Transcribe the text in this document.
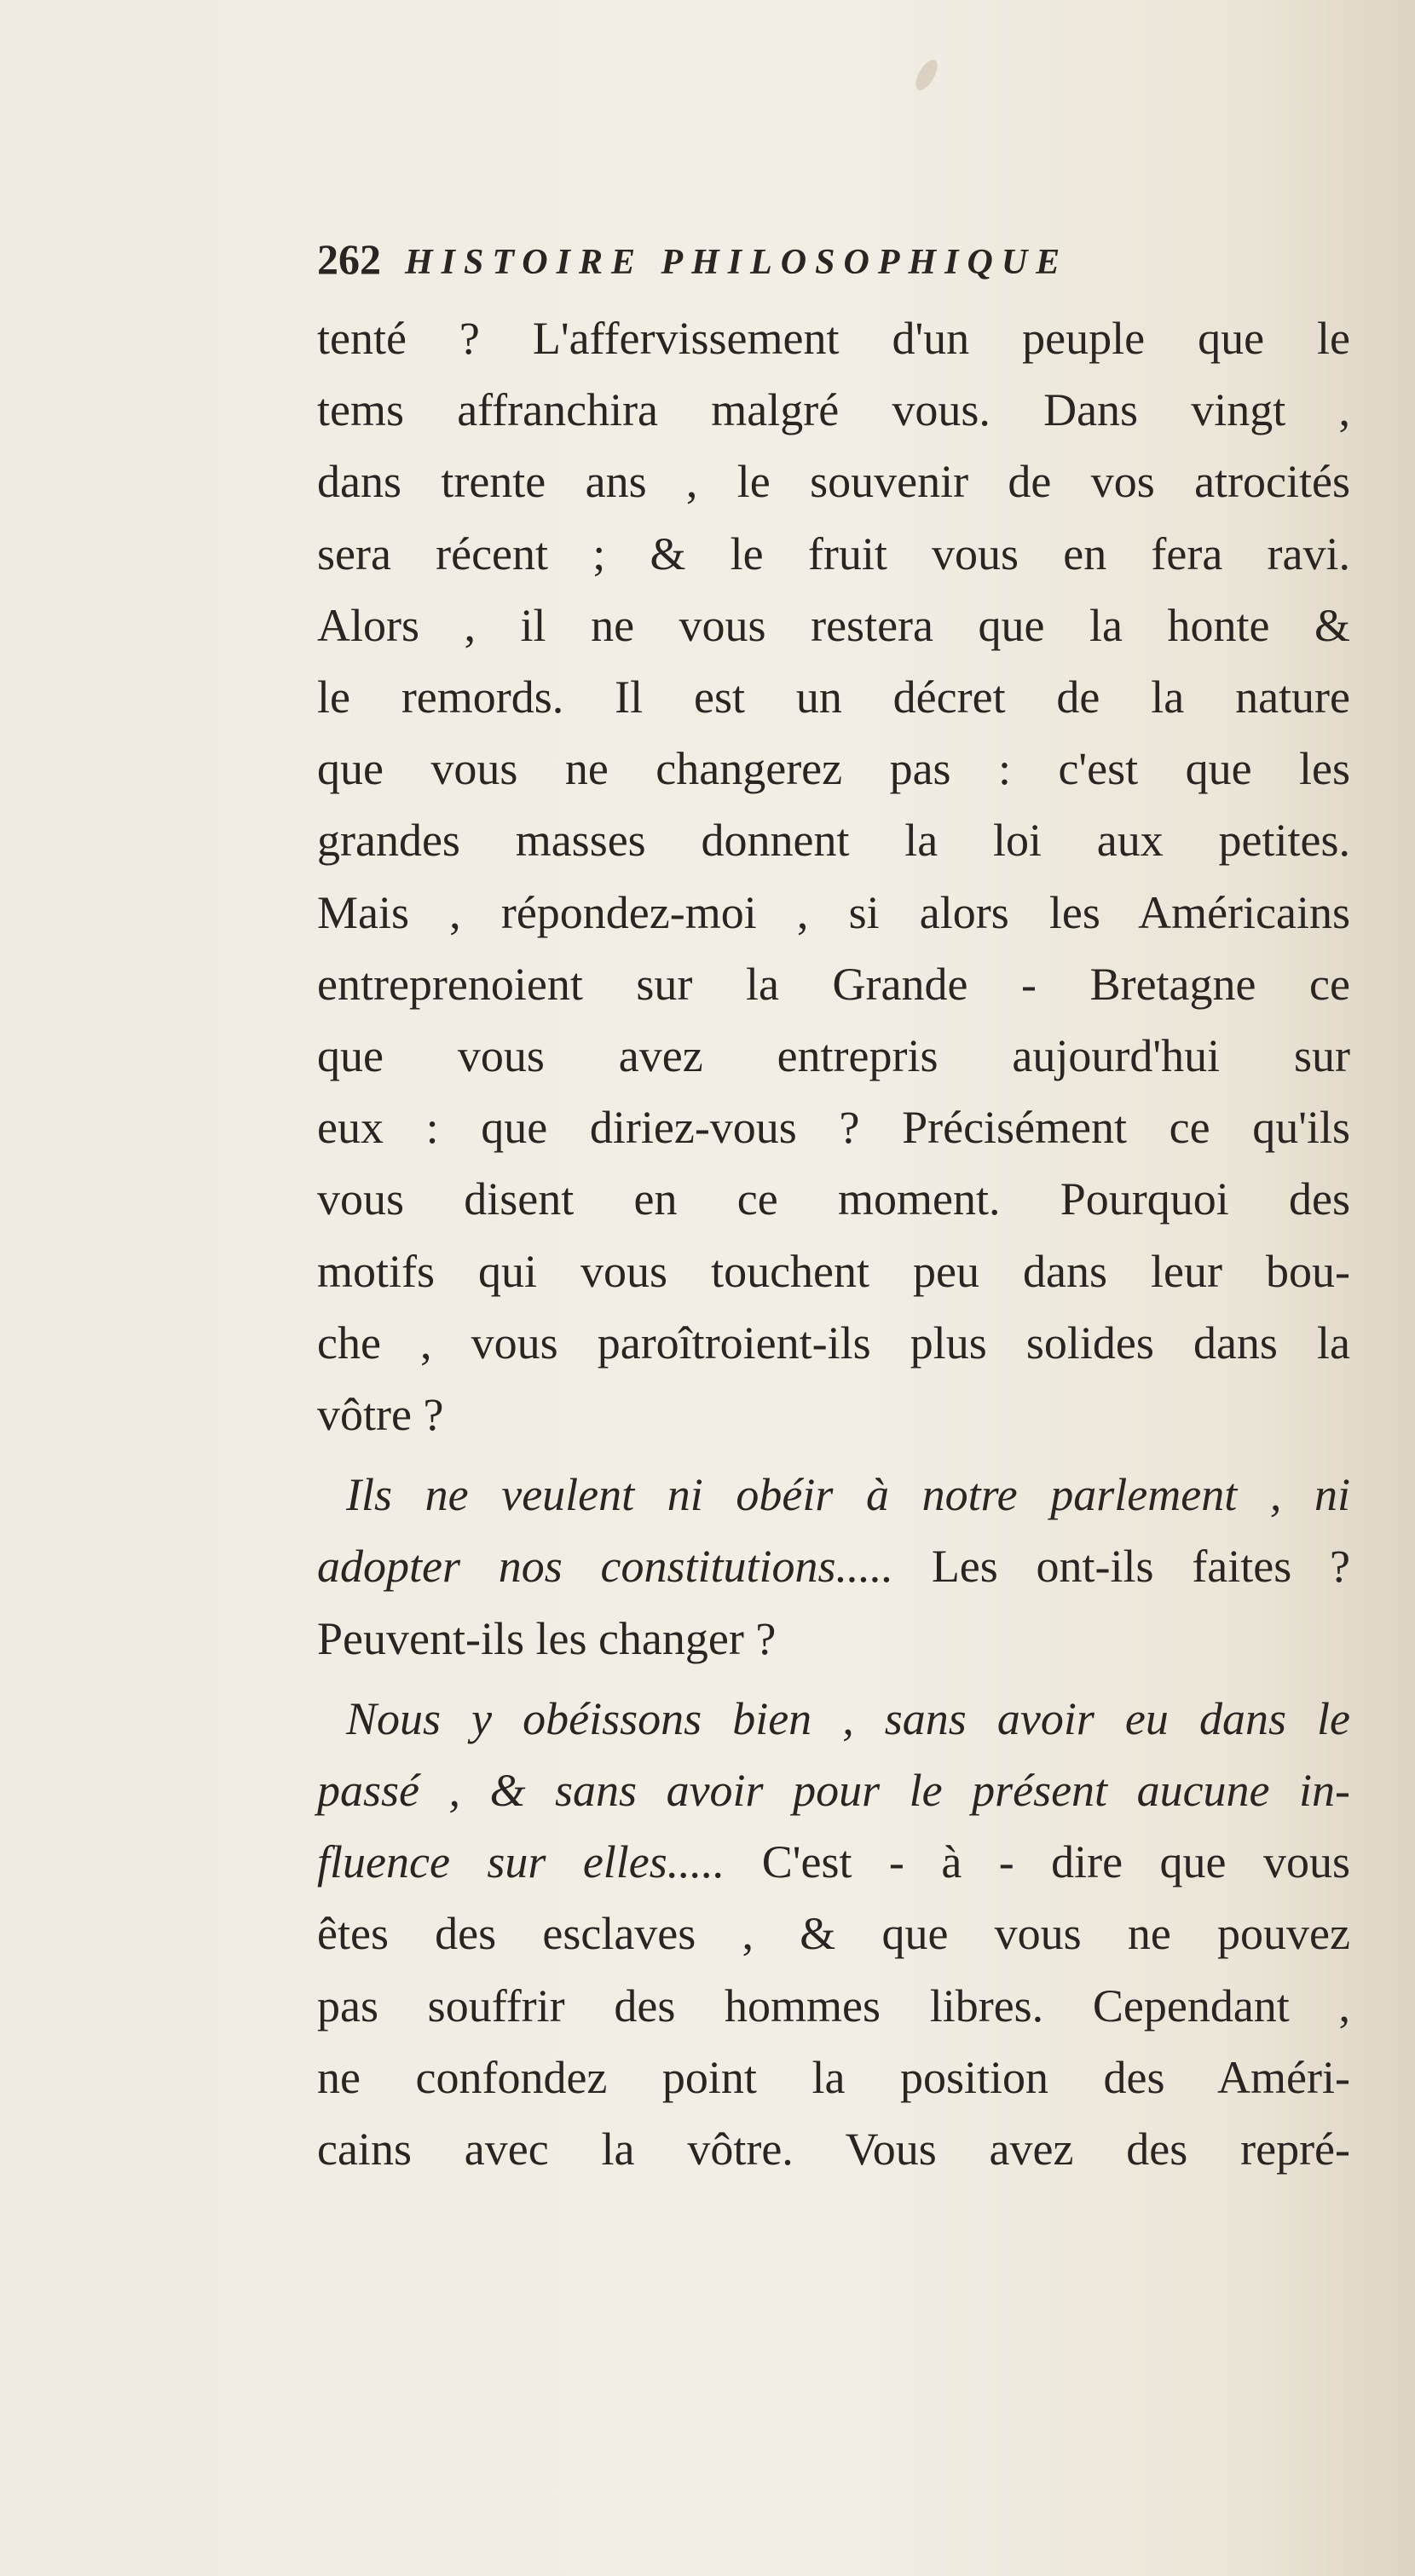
262 HISTOIRE PHILOSOPHIQUE
tenté ? L'affervissement d'un peuple que le
tems affranchira malgré vous. Dans vingt ,
dans trente ans , le souvenir de vos atrocités
sera récent ; & le fruit vous en fera ravi.
Alors , il ne vous restera que la honte &
le remords. Il est un décret de la nature
que vous ne changerez pas : c'est que les
grandes masses donnent la loi aux petites.
Mais , répondez-moi , si alors les Américains
entreprenoient sur la Grande - Bretagne ce
que vous avez entrepris aujourd'hui sur
eux : que diriez-vous ? Précisément ce qu'ils
vous disent en ce moment. Pourquoi des
motifs qui vous touchent peu dans leur bou-
che , vous paroîtroient-ils plus solides dans la
vôtre ?
Ils ne veulent ni obéir à notre parlement , ni
adopter nos constitutions..... Les ont-ils faites ?
Peuvent-ils les changer ?
Nous y obéissons bien , sans avoir eu dans le
passé , & sans avoir pour le présent aucune in-
fluence sur elles..... C'est - à - dire que vous
êtes des esclaves , & que vous ne pouvez
pas souffrir des hommes libres. Cependant ,
ne confondez point la position des Améri-
cains avec la vôtre. Vous avez des repré-
